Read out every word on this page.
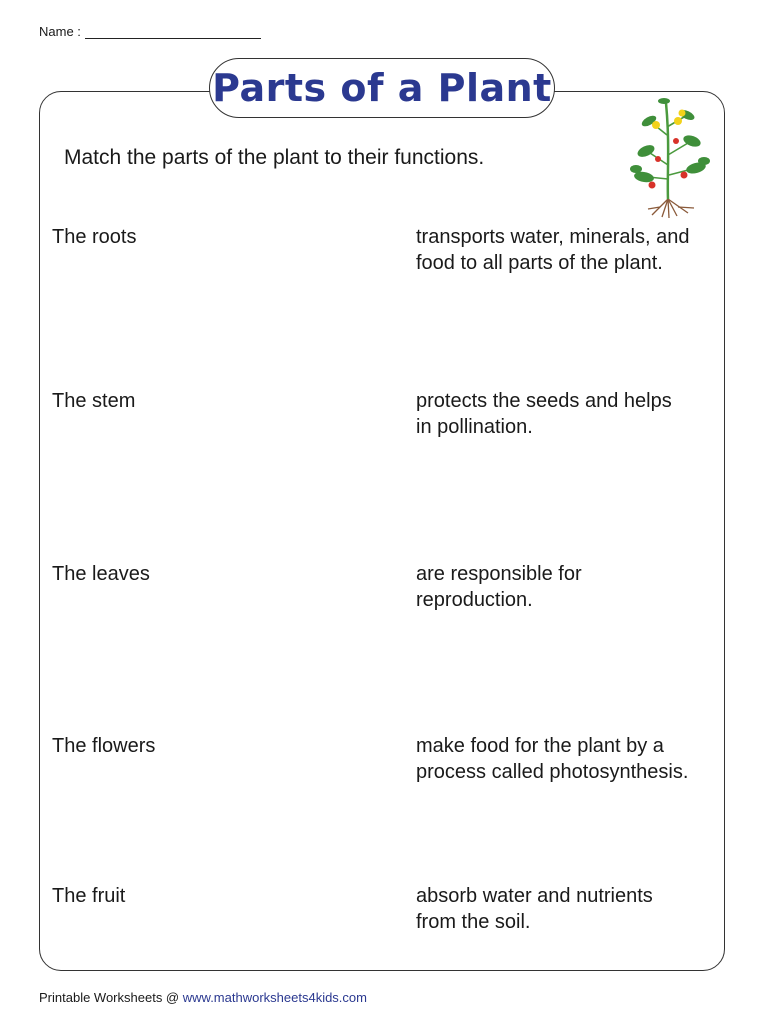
Name :
Parts of a Plant
Match the parts of the plant to their functions.
The roots
The stem
The leaves
The flowers
The fruit
transports water, minerals, and
food to all parts of the plant.
protects the seeds and helps
in pollination.
are responsible for
reproduction.
make food for the plant by a
process called photosynthesis.
absorb water and nutrients
from the soil.
Printable Worksheets @ www.mathworksheets4kids.com
